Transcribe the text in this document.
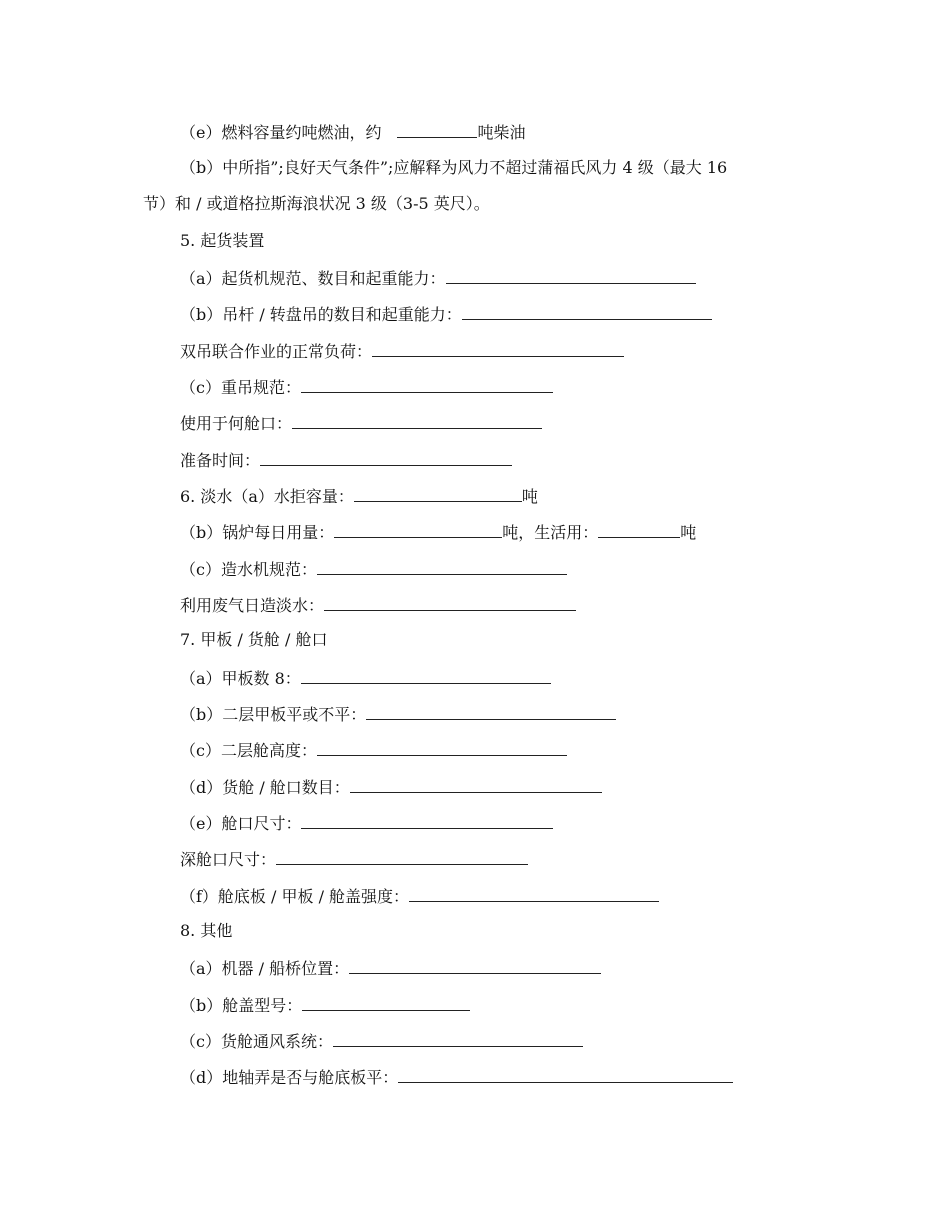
（e）燃料容量约吨燃油，约　	吨柴油
（b）中所指”;良好天气条件”;应解释为风力不超过蒲福氏风力 4 级（最大 16
节）和 / 或道格拉斯海浪状况 3 级（3-5 英尺）。
5. 起货装置
（a）起货机规范、数目和起重能力：
（b）吊杆 / 转盘吊的数目和起重能力：
双吊联合作业的正常负荷：
（c）重吊规范：
使用于何舱口：
准备时间：
6. 淡水（a）水拒容量：	吨
（b）锅炉每日用量：	吨，生活用：	吨
（c）造水机规范：
利用废气日造淡水：
7. 甲板 / 货舱 / 舱口
（a）甲板数 8：
（b）二层甲板平或不平：
（c）二层舱高度：
（d）货舱 / 舱口数目：
（e）舱口尺寸：
深舱口尺寸：
（f）舱底板 / 甲板 / 舱盖强度：
8. 其他
（a）机器 / 船桥位置：
（b）舱盖型号：
（c）货舱通风系统：
（d）地轴弄是否与舱底板平：
